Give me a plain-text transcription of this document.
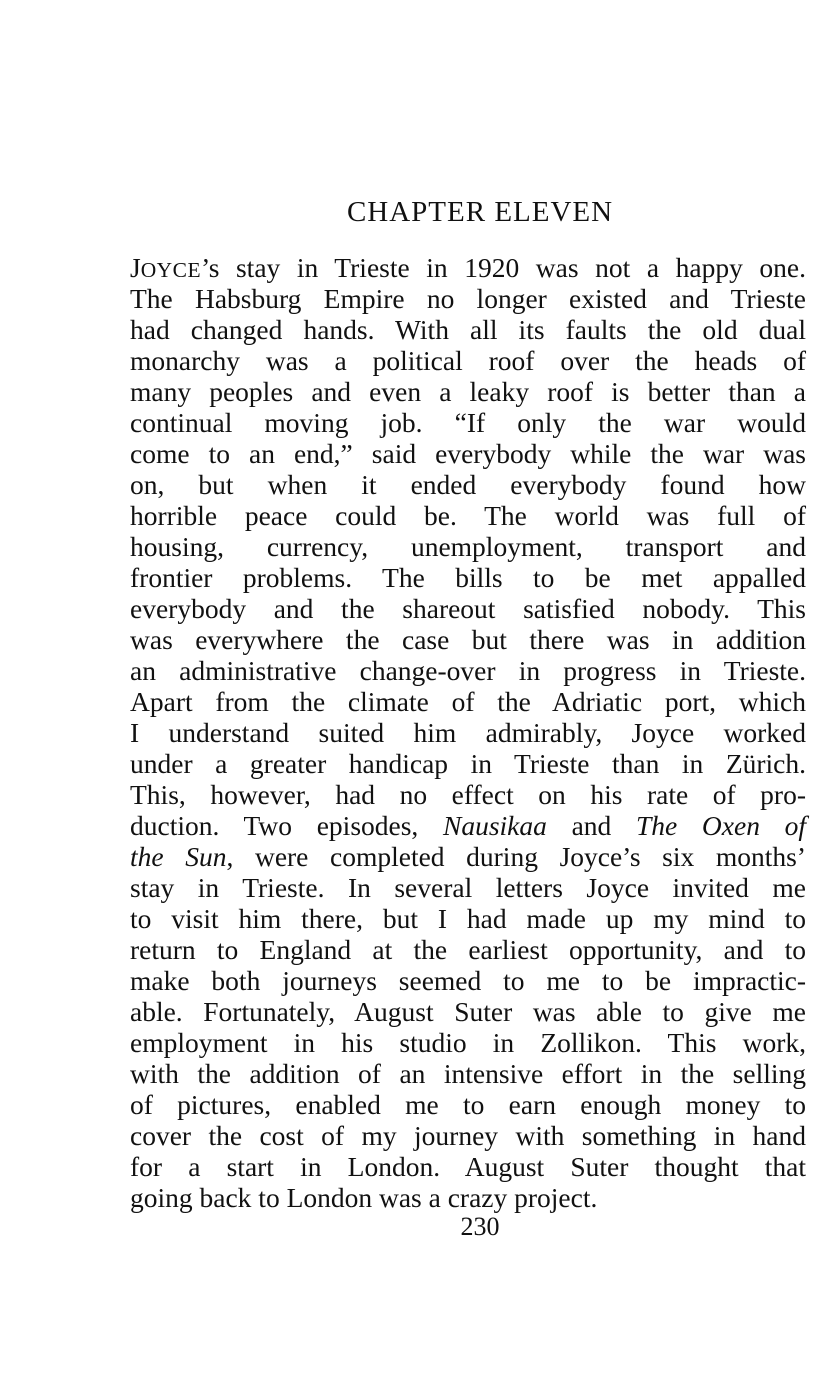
CHAPTER ELEVEN
JOYCE’s stay in Trieste in 1920 was not a happy one.
The Habsburg Empire no longer existed and Trieste
had changed hands. With all its faults the old dual
monarchy was a political roof over the heads of
many peoples and even a leaky roof is better than a
continual moving job. “If only the war would
come to an end,” said everybody while the war was
on, but when it ended everybody found how
horrible peace could be. The world was full of
housing, currency, unemployment, transport and
frontier problems. The bills to be met appalled
everybody and the shareout satisfied nobody. This
was everywhere the case but there was in addition
an administrative change-over in progress in Trieste.
Apart from the climate of the Adriatic port, which
I understand suited him admirably, Joyce worked
under a greater handicap in Trieste than in Zürich.
This, however, had no effect on his rate of pro-
duction. Two episodes, Nausikaa and The Oxen of
the Sun, were completed during Joyce’s six months’
stay in Trieste. In several letters Joyce invited me
to visit him there, but I had made up my mind to
return to England at the earliest opportunity, and to
make both journeys seemed to me to be impractic-
able. Fortunately, August Suter was able to give me
employment in his studio in Zollikon. This work,
with the addition of an intensive effort in the selling
of pictures, enabled me to earn enough money to
cover the cost of my journey with something in hand
for a start in London. August Suter thought that
going back to London was a crazy project.
230
